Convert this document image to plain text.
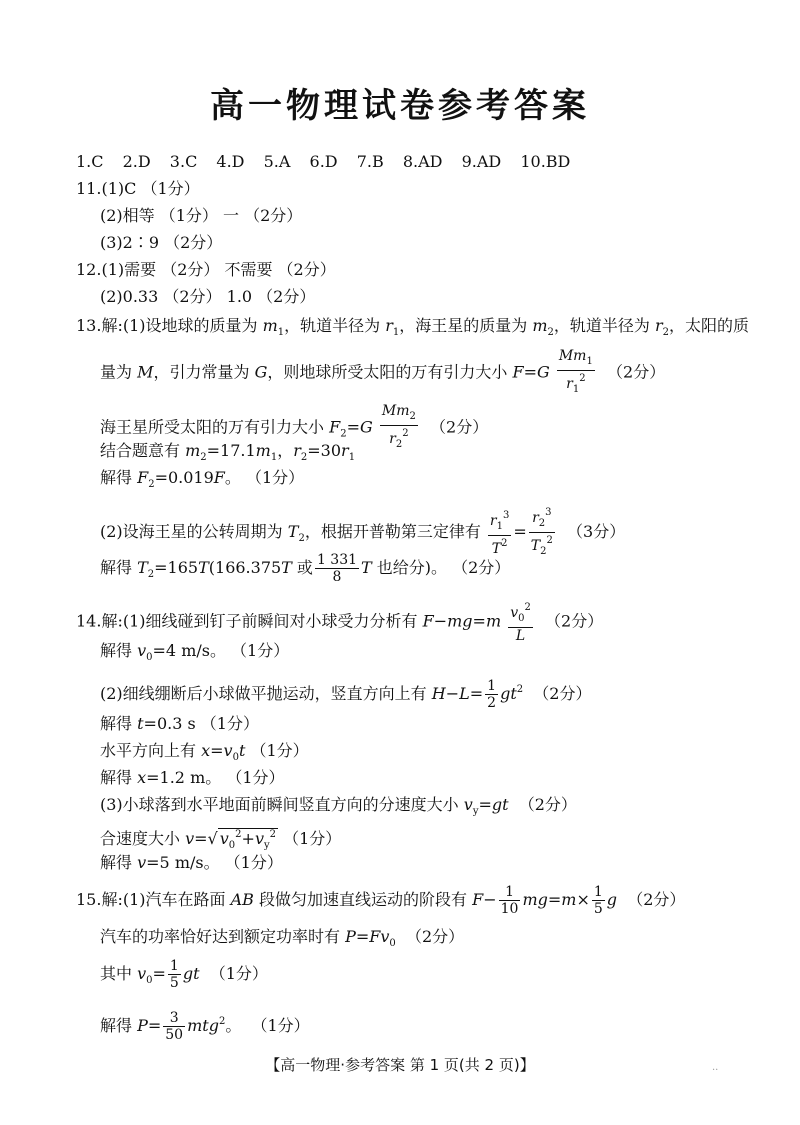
高一物理试卷参考答案
1.C 2.D 3.C 4.D 5.A 6.D 7.B 8.AD 9.AD 10.BD
11.(1)C （1分）
(2)相等 （1分） 一 （2分）
(3)2∶9 （2分）
12.(1)需要 （2分） 不需要 （2分）
(2)0.33 （2分） 1.0 （2分）
13.解:(1)设地球的质量为 $m_1$，轨道半径为 $r_1$，海王星的质量为 $m_2$，轨道半径为 $r_2$，太阳的质
量为 M，引力常量为 G，则地球所受太阳的万有引力大小 $F=G \frac{Mm_1}{r_1^2} (2$分）
海王星所受太阳的万有引力大小 $F_2=G \frac{Mm_2}{r_2^2} (2$分）
结合题意有 $m_2=17.1m_1$，$r_2=30r_1$
解得 $F_2=0.019F$。 （1分）
(2)设海王星的公转周期为 $T_2$，根据开普勒第三定律有 $\frac{r_1^3}{T^2} = \frac{r_2^3}{T_2^2} (3$分）
解得 $T_2=165T(166.375T$ 或 $\frac{1 331}{8}$ T 也给分)。 （2分）
14.解:(1)细线碰到钉子前瞬间对小球受力分析有 $F-mg=m \frac{v_0^2}{L} (2$分）
解得 $v_0=4$ m/s。 （1分）
(2)细线绷断后小球做平抛运动，竖直方向上有 $H-L= \frac{1}{2} gt^2$ （2分）
解得 t=0.3 s （1分）
水平方向上有 $x=v_0t$ （1分）
解得 x=1.2 m。 （1分）
(3)小球落到水平地面前瞬间竖直方向的分速度大小 $v_y=gt$ （2分）
合速度大小 v=√ $v_0^2+v_y^2$ （1分）
解得 v=5 m/s。 （1分）
15.解:(1)汽车在路面 AB 段做匀加速直线运动的阶段有 $F- \frac{1}{10} mg=m\times \frac{1}{5}$ g （2分）
汽车的功率恰好达到额定功率时有 $P=Fv_0$ （2分）
其中 $v_0= \frac{1}{5}$ gt （1分）
解得 $P= \frac{3}{50} mtg^2$。  （1分）
【高一物理·参考答案 第 1 页(共 2 页)】	..
